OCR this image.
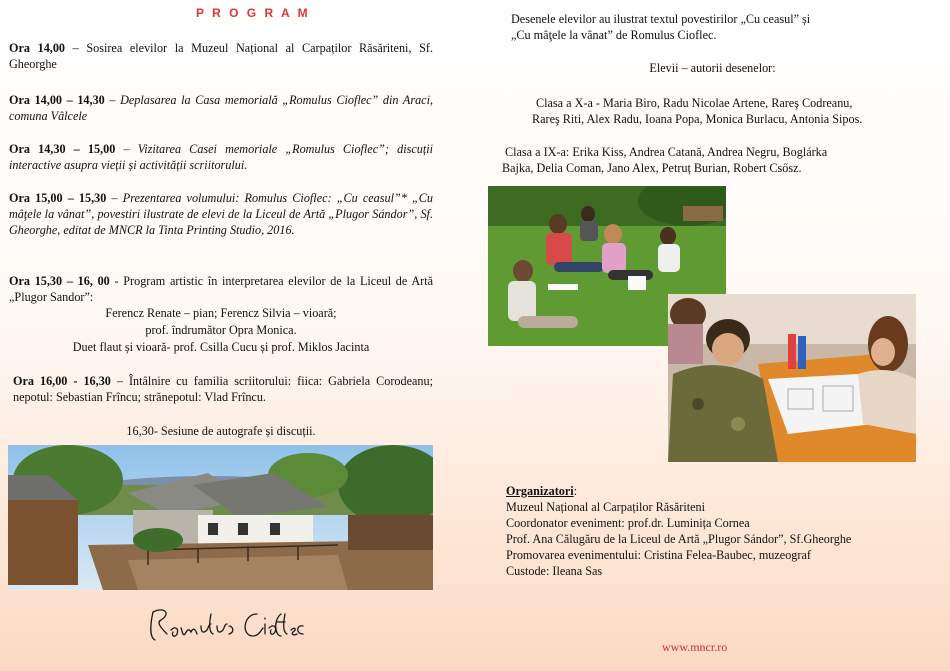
P R O G R A M
Ora 14,00 – Sosirea elevilor la Muzeul Național al Carpaților Răsăriteni, Sf. Gheorghe
Ora 14,00 – 14,30 – Deplasarea la Casa memorială „Romulus Cioflec” din Araci, comuna Vâlcele
Ora 14,30 – 15,00 – Vizitarea Casei memoriale „Romulus Cioflec”; discuții interactive asupra vieții și activității scriitorului.
Ora 15,00 – 15,30 – Prezentarea volumului: Romulus Cioflec: „Cu ceasul”* „Cu mâţele la vânat”, povestiri ilustrate de elevi de la Liceul de Artă „Plugor Sándor”, Sf. Gheorghe, editat de MNCR la Tinta Printing Studio, 2016.
Ora 15,30 – 16, 00 - Program artistic în interpretarea elevilor de la Liceul de Artă „Plugor Sandor”:
Ferencz Renate – pian; Ferencz Silvia – vioară;
prof. îndrumător Opra Monica.
Duet flaut și vioară- prof. Csilla Cucu și prof. Miklos Jacinta
Ora 16,00 - 16,30 – Întâlnire cu familia scriitorului: fiica: Gabriela Corodeanu; nepotul: Sebastian Frîncu; strănepotul: Vlad Frîncu.
16,30- Sesiune de autografe și discuții.
Desenele elevilor au ilustrat textul povestirilor „Cu ceasul” și
„Cu mâţele la vânat” de Romulus Cioflec.
Elevii – autorii desenelor:
Clasa a X-a - Maria Biro, Radu Nicolae Artene, Rareş Codreanu,
Rareş Riti, Alex Radu, Ioana Popa, Monica Burlacu, Antonia Sipos.
Clasa a IX-a: Erika Kiss, Andrea Catană, Andrea Negru, Boglárka
Bajka, Delia Coman, Jano Alex, Petruț Burian, Robert Csősz.
Organizatori:
Muzeul Național al Carpaților Răsăriteni
Coordonator eveniment: prof.dr. Luminița Cornea
Prof. Ana Călugăru de la Liceul de Artă „Plugor Sándor”, Sf.Gheorghe
Promovarea evenimentului: Cristina Felea-Baubec, muzeograf
Custode: Ileana Sas
www.mncr.ro
